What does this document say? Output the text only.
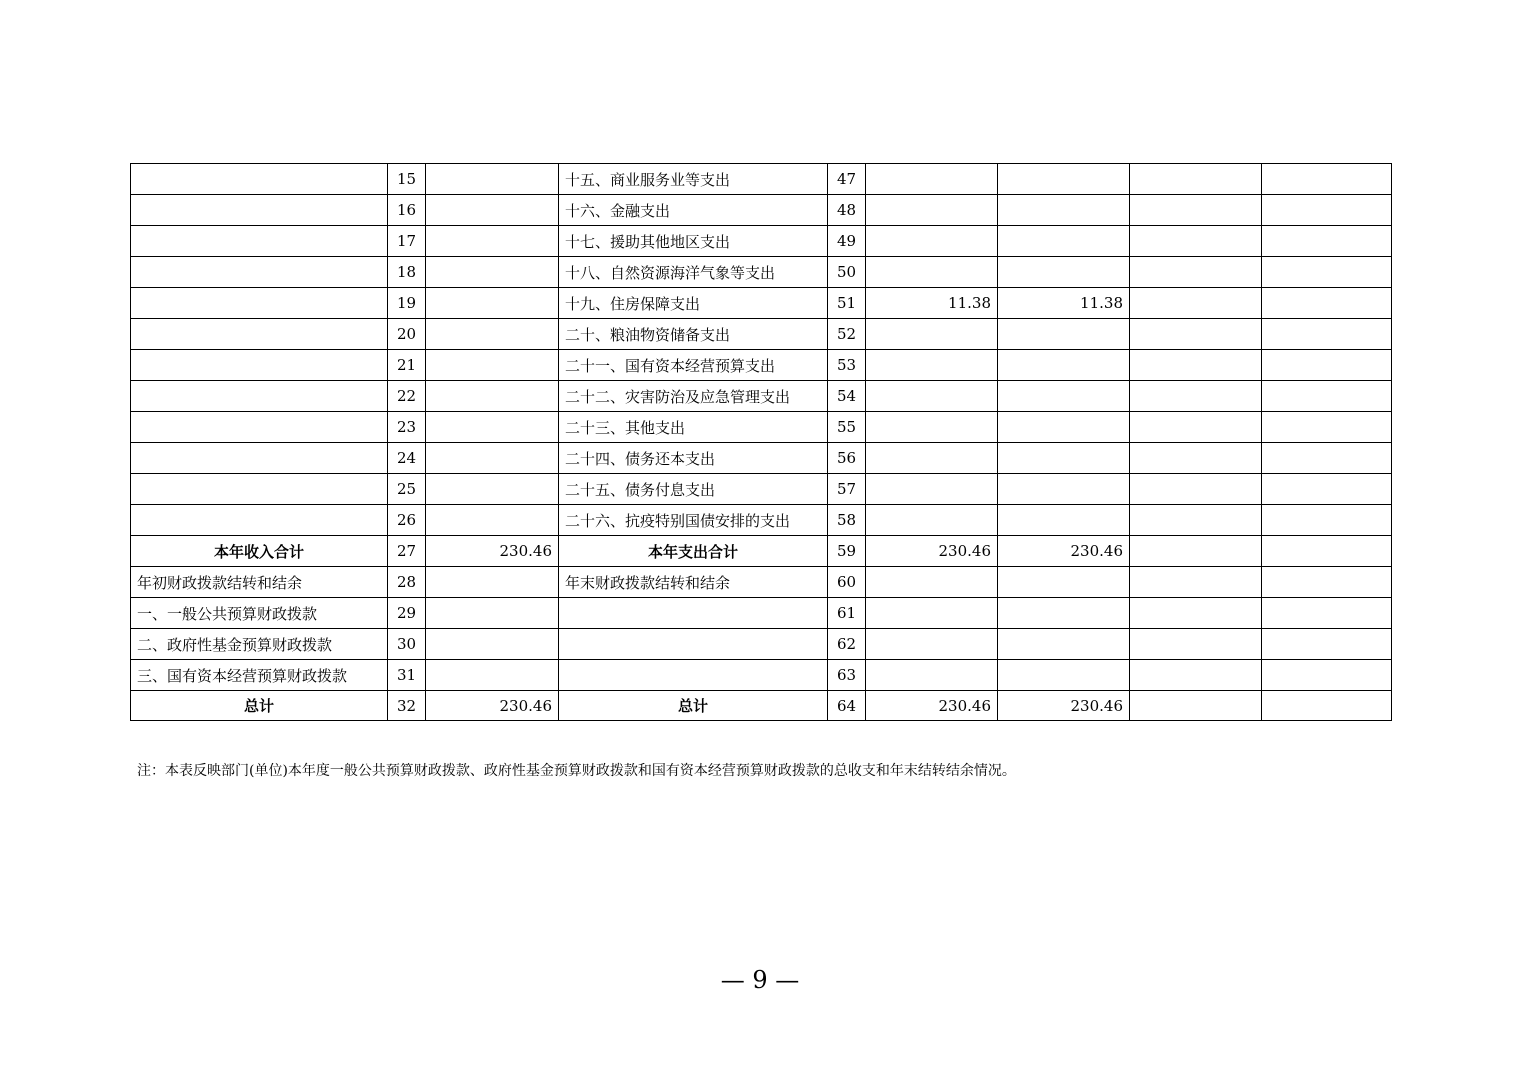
	15		十五、商业服务业等支出	47				
	16		十六、金融支出	48				
	17		十七、援助其他地区支出	49				
	18		十八、自然资源海洋气象等支出	50				
	19		十九、住房保障支出	51	11.38	11.38		
	20		二十、粮油物资储备支出	52				
	21		二十一、国有资本经营预算支出	53				
	22		二十二、灾害防治及应急管理支出	54				
	23		二十三、其他支出	55				
	24		二十四、债务还本支出	56				
	25		二十五、债务付息支出	57				
	26		二十六、抗疫特别国债安排的支出	58				
本年收入合计	27	230.46	本年支出合计	59	230.46	230.46		
年初财政拨款结转和结余	28		年末财政拨款结转和结余	60				
一、一般公共预算财政拨款	29			61				
二、政府性基金预算财政拨款	30			62				
三、国有资本经营预算财政拨款	31			63				
总计	32	230.46	总计	64	230.46	230.46		
注：本表反映部门(单位)本年度一般公共预算财政拨款、政府性基金预算财政拨款和国有资本经营预算财政拨款的总收支和年末结转结余情况。
— 9 —
